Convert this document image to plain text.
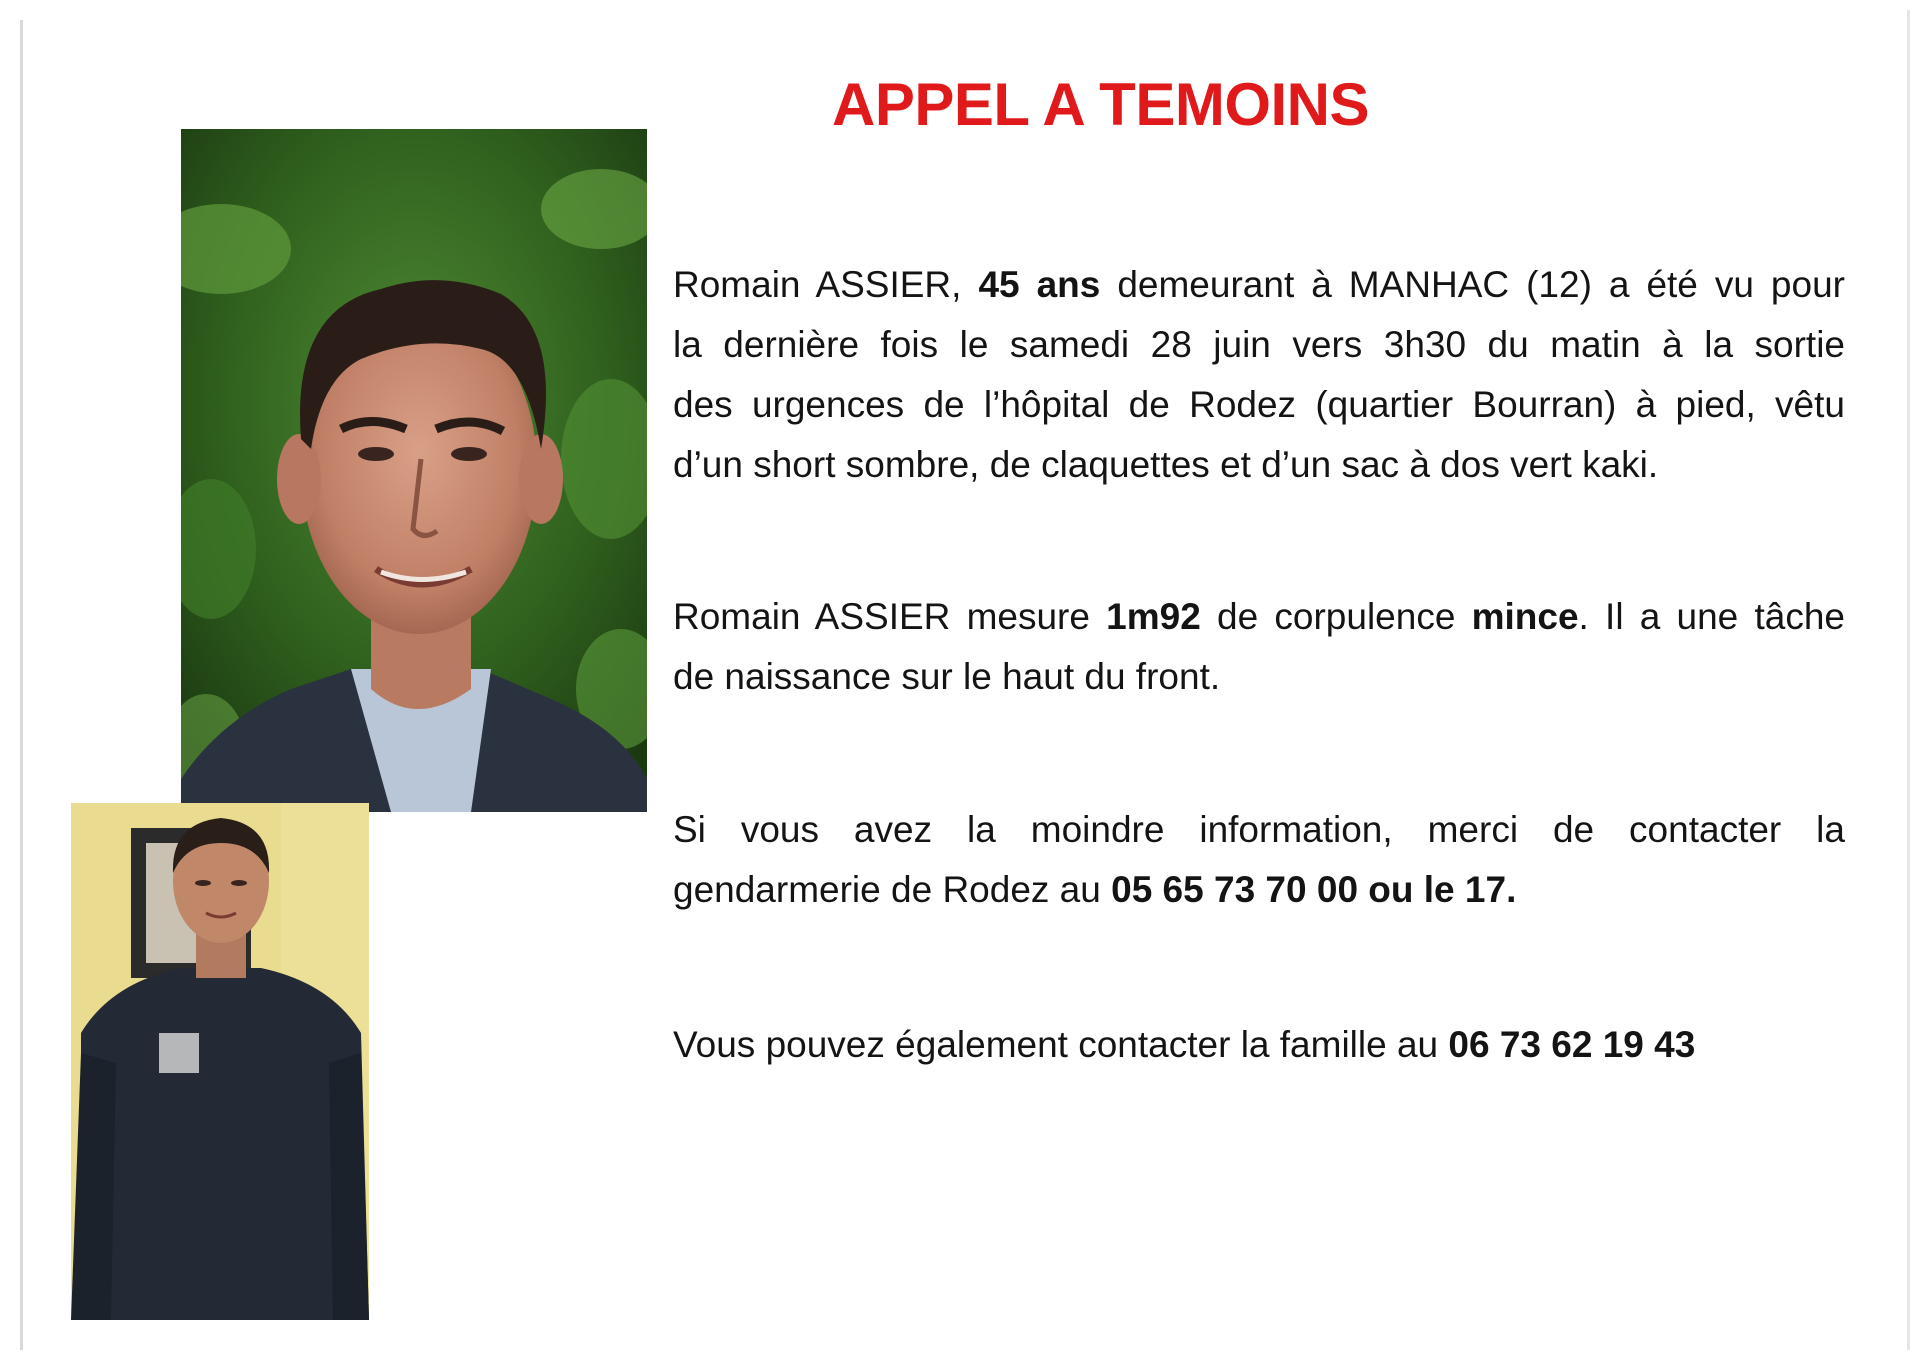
APPEL A TEMOINS
Romain ASSIER, 45 ans demeurant à MANHAC (12) a été vu pour
la dernière fois le samedi 28 juin vers 3h30 du matin à la sortie
des urgences de l’hôpital de Rodez (quartier Bourran) à pied, vêtu
d’un short sombre, de claquettes et d’un sac à dos vert kaki.
Romain ASSIER mesure 1m92 de corpulence mince. Il a une tâche
de naissance sur le haut du front.
Si vous avez la moindre information, merci de contacter la
gendarmerie de Rodez au 05 65 73 70 00 ou le 17.
Vous pouvez également contacter la famille au 06 73 62 19 43
